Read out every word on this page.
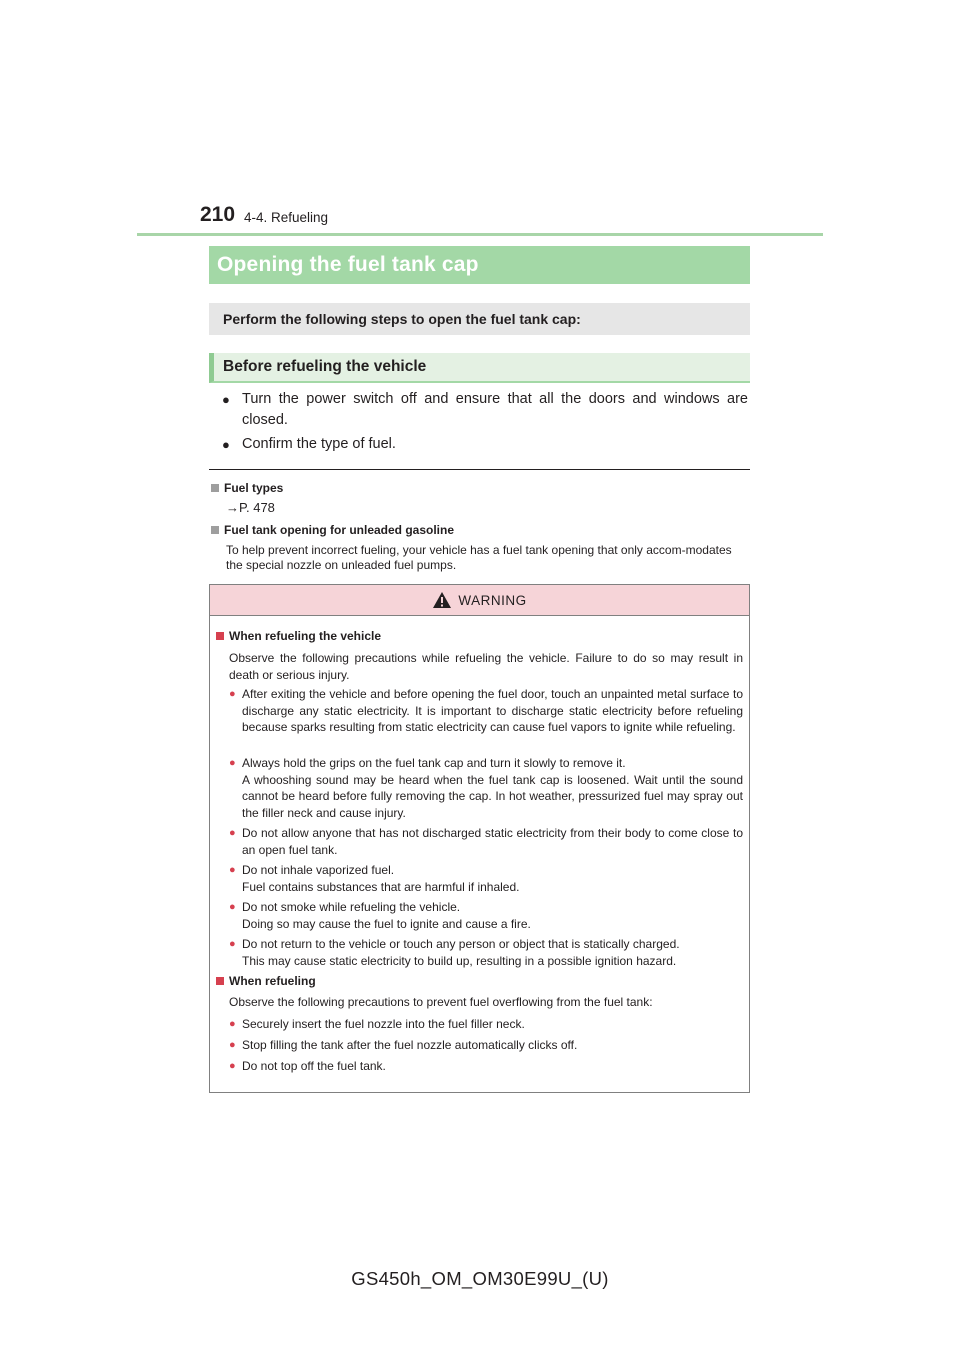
210 4-4. Refueling
Opening the fuel tank cap
Perform the following steps to open the fuel tank cap:
Before refueling the vehicle
● Turn the power switch off and ensure that all the doors and windows are closed.
● Confirm the type of fuel.
Fuel types
→P. 478
Fuel tank opening for unleaded gasoline
To help prevent incorrect fueling, your vehicle has a fuel tank opening that only accom-modates the special nozzle on unleaded fuel pumps.
WARNING
When refueling the vehicle
Observe the following precautions while refueling the vehicle. Failure to do so may result in death or serious injury.
● After exiting the vehicle and before opening the fuel door, touch an unpainted metal surface to discharge any static electricity. It is important to discharge static electricity before refueling because sparks resulting from static electricity can cause fuel vapors to ignite while refueling.
● Always hold the grips on the fuel tank cap and turn it slowly to remove it.
A whooshing sound may be heard when the fuel tank cap is loosened. Wait until the sound cannot be heard before fully removing the cap. In hot weather, pressurized fuel may spray out the filler neck and cause injury.
● Do not allow anyone that has not discharged static electricity from their body to come close to an open fuel tank.
● Do not inhale vaporized fuel.
Fuel contains substances that are harmful if inhaled.
● Do not smoke while refueling the vehicle.
Doing so may cause the fuel to ignite and cause a fire.
● Do not return to the vehicle or touch any person or object that is statically charged.
This may cause static electricity to build up, resulting in a possible ignition hazard.
When refueling
Observe the following precautions to prevent fuel overflowing from the fuel tank:
● Securely insert the fuel nozzle into the fuel filler neck.
● Stop filling the tank after the fuel nozzle automatically clicks off.
● Do not top off the fuel tank.
GS450h_OM_OM30E99U_(U)
